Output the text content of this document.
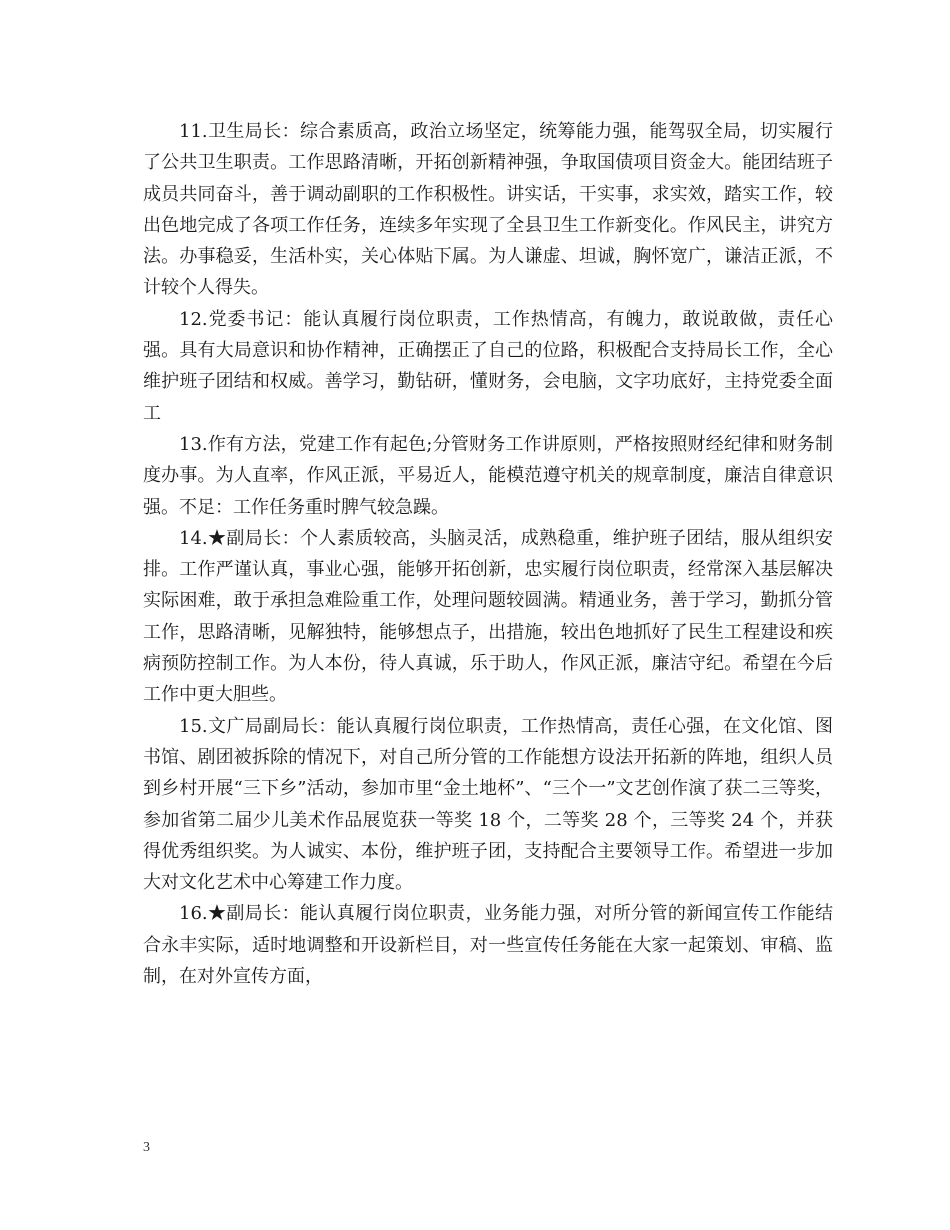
11.卫生局长：综合素质高，政治立场坚定，统筹能力强，能驾驭全局，切实履行了公共卫生职责。工作思路清晰，开拓创新精神强，争取国债项目资金大。能团结班子成员共同奋斗，善于调动副职的工作积极性。讲实话，干实事，求实效，踏实工作，较出色地完成了各项工作任务，连续多年实现了全县卫生工作新变化。作风民主，讲究方法。办事稳妥，生活朴实，关心体贴下属。为人谦虚、坦诚，胸怀宽广，谦洁正派，不计较个人得失。

12.党委书记：能认真履行岗位职责，工作热情高，有魄力，敢说敢做，责任心强。具有大局意识和协作精神，正确摆正了自己的位路，积极配合支持局长工作，全心维护班子团结和权威。善学习，勤钻研，懂财务，会电脑，文字功底好，主持党委全面工

13.作有方法，党建工作有起色;分管财务工作讲原则，严格按照财经纪律和财务制度办事。为人直率，作风正派，平易近人，能模范遵守机关的规章制度，廉洁自律意识强。不足：工作任务重时脾气较急躁。

14.★副局长：个人素质较高，头脑灵活，成熟稳重，维护班子团结，服从组织安排。工作严谨认真，事业心强，能够开拓创新，忠实履行岗位职责，经常深入基层解决实际困难，敢于承担急难险重工作，处理问题较圆满。精通业务，善于学习，勤抓分管工作，思路清晰，见解独特，能够想点子，出措施，较出色地抓好了民生工程建设和疾病预防控制工作。为人本份，待人真诚，乐于助人，作风正派，廉洁守纪。希望在今后工作中更大胆些。

15.文广局副局长：能认真履行岗位职责，工作热情高，责任心强，在文化馆、图书馆、剧团被拆除的情况下，对自己所分管的工作能想方设法开拓新的阵地，组织人员到乡村开展“三下乡”活动，参加市里“金土地杯”、“三个一”文艺创作演了获二三等奖，参加省第二届少儿美术作品展览获一等奖 18 个，二等奖 28 个，三等奖 24 个，并获得优秀组织奖。为人诚实、本份，维护班子团，支持配合主要领导工作。希望进一步加大对文化艺术中心筹建工作力度。

16.★副局长：能认真履行岗位职责，业务能力强，对所分管的新闻宣传工作能结合永丰实际，适时地调整和开设新栏目，对一些宣传任务能在大家一起策划、审稿、监制，在对外宣传方面，

3
